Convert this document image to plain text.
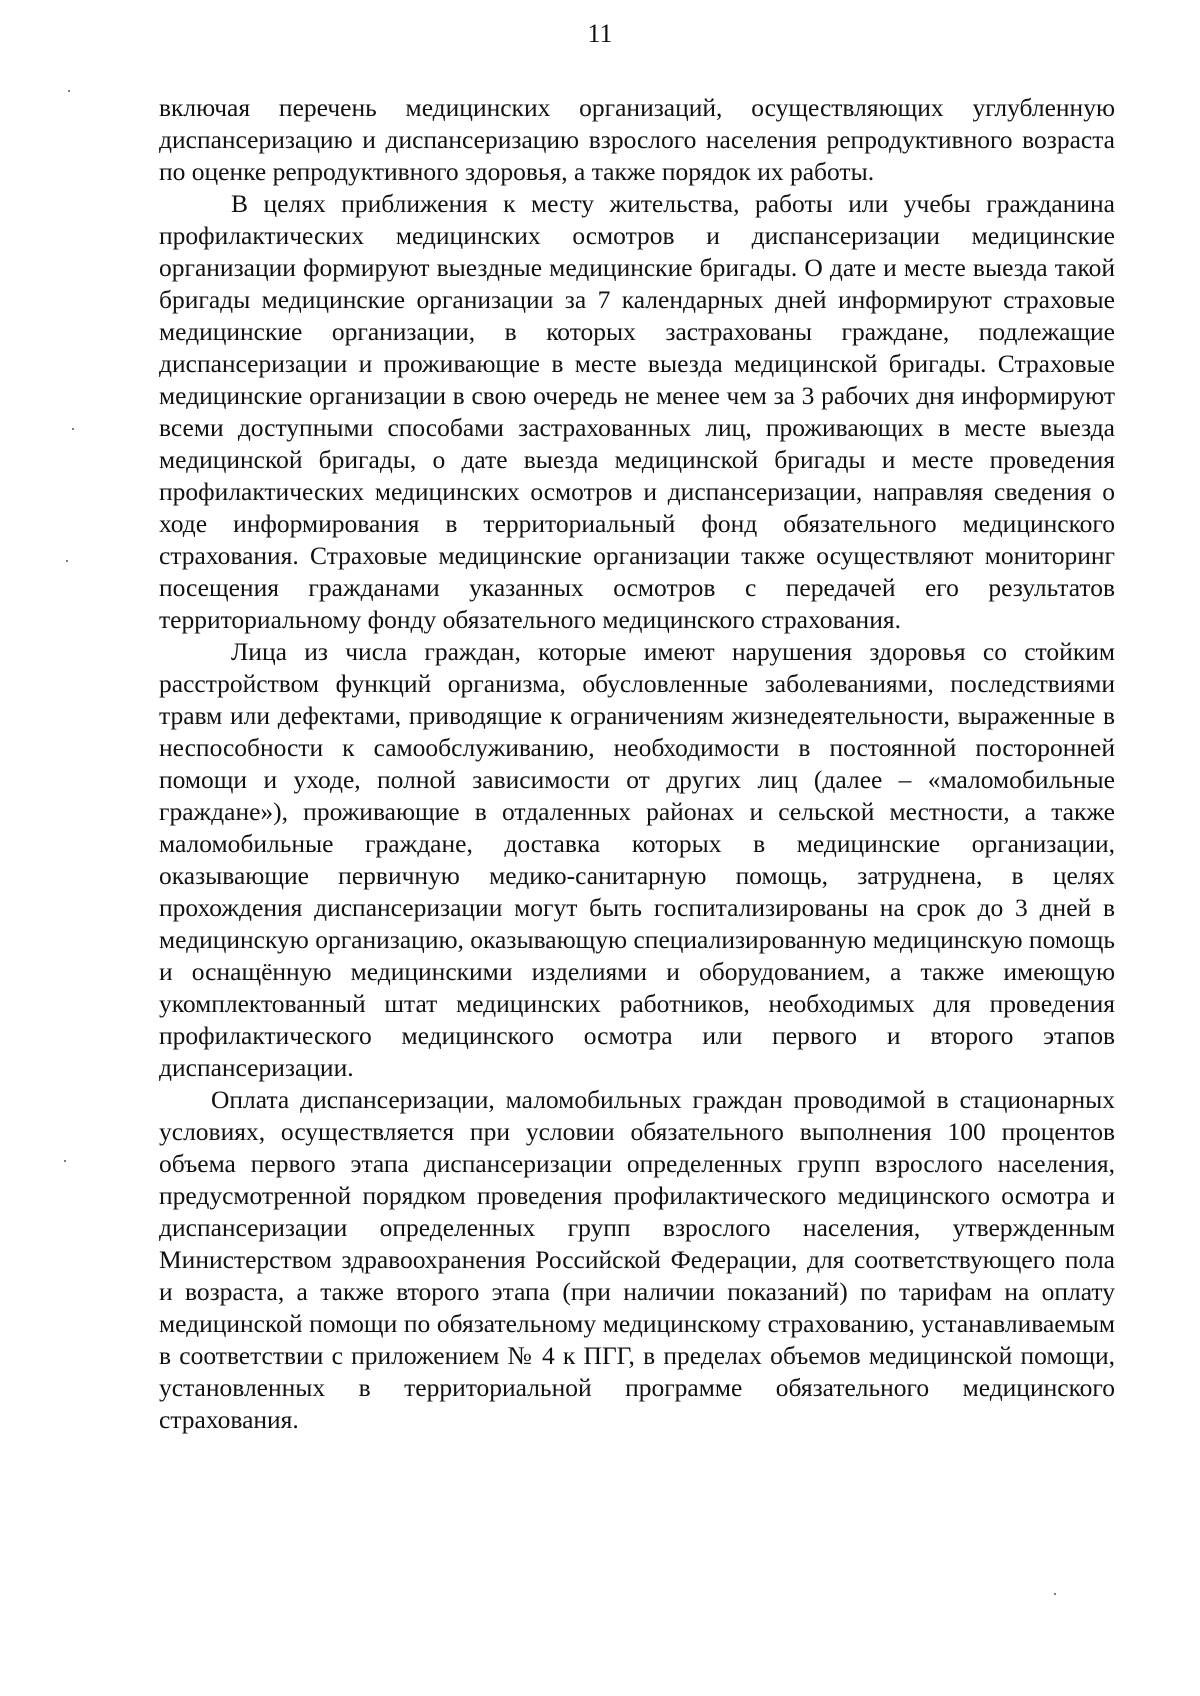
11

включая перечень медицинских организаций, осуществляющих углубленную диспансеризацию и диспансеризацию взрослого населения репродуктивного возраста по оценке репродуктивного здоровья, а также порядок их работы.

В целях приближения к месту жительства, работы или учебы гражданина профилактических медицинских осмотров и диспансеризации медицинские организации формируют выездные медицинские бригады. О дате и месте выезда такой бригады медицинские организации за 7 календарных дней информируют страховые медицинские организации, в которых застрахованы граждане, подлежащие диспансеризации и проживающие в месте выезда медицинской бригады. Страховые медицинские организации в свою очередь не менее чем за 3 рабочих дня информируют всеми доступными способами застрахованных лиц, проживающих в месте выезда медицинской бригады, о дате выезда медицинской бригады и месте проведения профилактических медицинских осмотров и диспансеризации, направляя сведения о ходе информирования в территориальный фонд обязательного медицинского страхования. Страховые медицинские организации также осуществляют мониторинг посещения гражданами указанных осмотров с передачей его результатов территориальному фонду обязательного медицинского страхования.

Лица из числа граждан, которые имеют нарушения здоровья со стойким расстройством функций организма, обусловленные заболеваниями, последствиями травм или дефектами, приводящие к ограничениям жизнедеятельности, выраженные в неспособности к самообслуживанию, необходимости в постоянной посторонней помощи и уходе, полной зависимости от других лиц (далее – «маломобильные граждане»), проживающие в отдаленных районах и сельской местности, а также маломобильные граждане, доставка которых в медицинские организации, оказывающие первичную медико-санитарную помощь, затруднена, в целях прохождения диспансеризации могут быть госпитализированы на срок до 3 дней в медицинскую организацию, оказывающую специализированную медицинскую помощь и оснащённую медицинскими изделиями и оборудованием, а также имеющую укомплектованный штат медицинских работников, необходимых для проведения профилактического медицинского осмотра или первого и второго этапов диспансеризации.

Оплата диспансеризации, маломобильных граждан проводимой в стационарных условиях, осуществляется при условии обязательного выполнения 100 процентов объема первого этапа диспансеризации определенных групп взрослого населения, предусмотренной порядком проведения профилактического медицинского осмотра и диспансеризации определенных групп взрослого населения, утвержденным Министерством здравоохранения Российской Федерации, для соответствующего пола и возраста, а также второго этапа (при наличии показаний) по тарифам на оплату медицинской помощи по обязательному медицинскому страхованию, устанавливаемым в соответствии с приложением № 4 к ПГГ, в пределах объемов медицинской помощи, установленных в территориальной программе обязательного медицинского страхования.
